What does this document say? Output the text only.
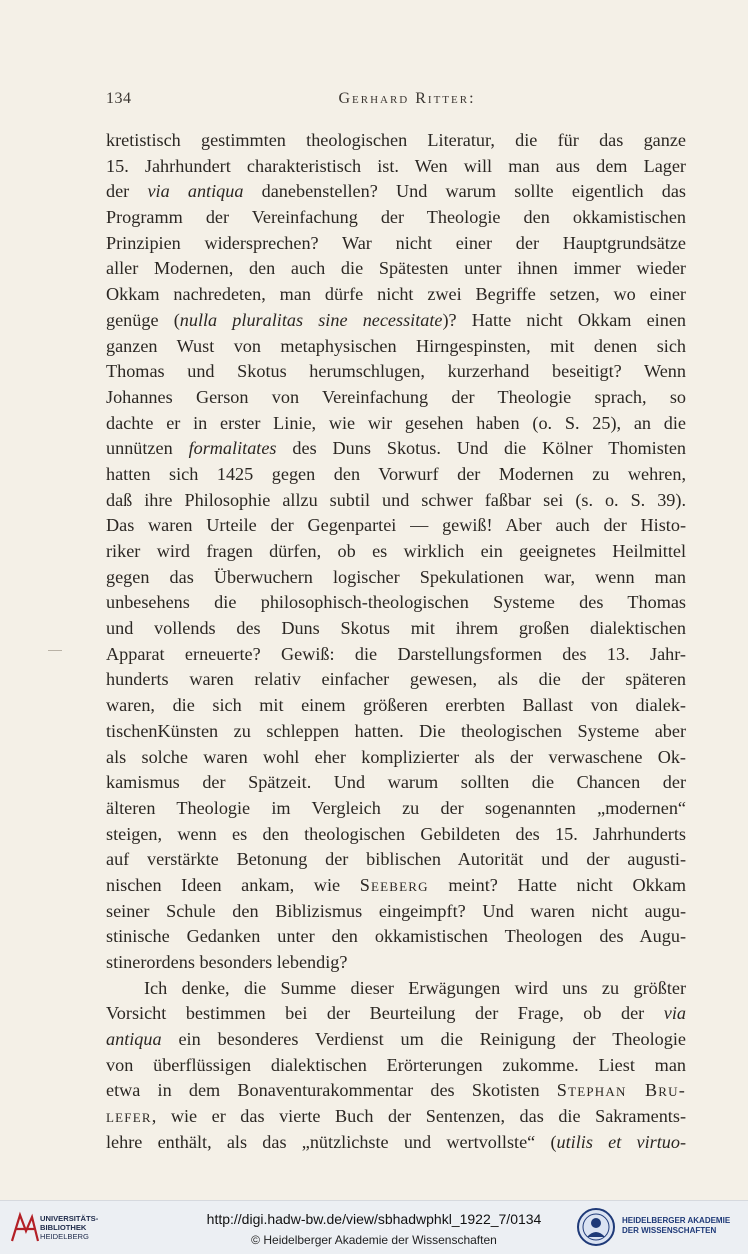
134	Gerhard Ritter:
kretistisch gestimmten theologischen Literatur, die für das ganze
15. Jahrhundert charakteristisch ist. Wen will man aus dem Lager
der via antiqua danebenstellen? Und warum sollte eigentlich das
Programm der Vereinfachung der Theologie den okkamistischen
Prinzipien widersprechen? War nicht einer der Hauptgrundsätze
aller Modernen, den auch die Spätesten unter ihnen immer wieder
Okkam nachredeten, man dürfe nicht zwei Begriffe setzen, wo einer
genüge (nulla pluralitas sine necessitate)? Hatte nicht Okkam einen
ganzen Wust von metaphysischen Hirngespinsten, mit denen sich
Thomas und Skotus herumschlugen, kurzerhand beseitigt? Wenn
Johannes Gerson von Vereinfachung der Theologie sprach, so
dachte er in erster Linie, wie wir gesehen haben (o. S. 25), an die
unnützen formalitates des Duns Skotus. Und die Kölner Thomisten
hatten sich 1425 gegen den Vorwurf der Modernen zu wehren,
daß ihre Philosophie allzu subtil und schwer faßbar sei (s. o. S. 39).
Das waren Urteile der Gegenpartei — gewiß! Aber auch der Histo-
riker wird fragen dürfen, ob es wirklich ein geeignetes Heilmittel
gegen das Überwuchern logischer Spekulationen war, wenn man
unbesehens die philosophisch-theologischen Systeme des Thomas
und vollends des Duns Skotus mit ihrem großen dialektischen
Apparat erneuerte? Gewiß: die Darstellungsformen des 13. Jahr-
hunderts waren relativ einfacher gewesen, als die der späteren
waren, die sich mit einem größeren ererbten Ballast von dialek-
tischenKünsten zu schleppen hatten. Die theologischen Systeme aber
als solche waren wohl eher komplizierter als der verwaschene Ok-
kamismus der Spätzeit. Und warum sollten die Chancen der
älteren Theologie im Vergleich zu der sogenannten „modernen“
steigen, wenn es den theologischen Gebildeten des 15. Jahrhunderts
auf verstärkte Betonung der biblischen Autorität und der augusti-
nischen Ideen ankam, wie Seeberg meint? Hatte nicht Okkam
seiner Schule den Biblizismus eingeimpft? Und waren nicht augu-
stinische Gedanken unter den okkamistischen Theologen des Augu-
stinerordens besonders lebendig?
Ich denke, die Summe dieser Erwägungen wird uns zu größter
Vorsicht bestimmen bei der Beurteilung der Frage, ob der via
antiqua ein besonderes Verdienst um die Reinigung der Theologie
von überflüssigen dialektischen Erörterungen zukomme. Liest man
etwa in dem Bonaventurakommentar des Skotisten Stephan Bru-
lefer, wie er das vierte Buch der Sentenzen, das die Sakraments-
lehre enthält, als das „nützlichste und wertvollste“ (utilis et virtuo-
UNIVERSITÄTS-
BIBLIOTHEK
HEIDELBERG
http://digi.hadw-bw.de/view/sbhadwphkl_1922_7/0134
© Heidelberger Akademie der Wissenschaften
HEIDELBERGER AKADEMIE
DER WISSENSCHAFTEN
